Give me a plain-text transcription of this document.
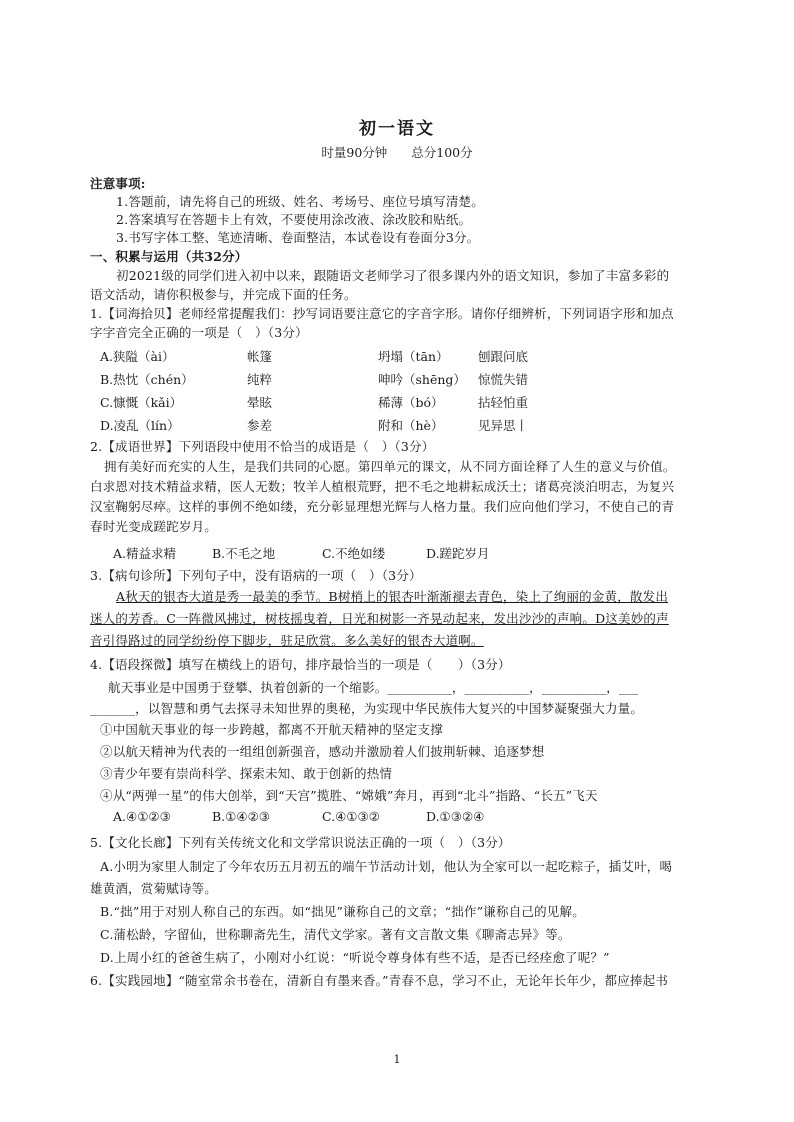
初一语文
时量90分钟 总分100分
注意事项:
1.答题前，请先将自己的班级、姓名、考场号、座位号填写清楚。
2.答案填写在答题卡上有效，不要使用涂改液、涂改胶和贴纸。
3.书写字体工整、笔迹清晰、卷面整洁，本试卷设有卷面分3分。
一、积累与运用（共32分）
初2021级的同学们进入初中以来，跟随语文老师学习了很多课内外的语文知识，参加了丰富多彩的
语文活动，请你积极参与，并完成下面的任务。
1.【词海拾贝】老师经常提醒我们：抄写词语要注意它的字音字形。请你仔细辨析，下列词语字形和加点
字字音完全正确的一项是（　）（3分）
A.狭隘（ài）	帐篷	坍塌（tān） 刨跟问底
B.热忱（chén）	纯粹	呻吟（shēng） 惊慌失错
C.慷慨（kǎi）	晕眩	稀薄（bó）	拈轻怕重
D.凌乱（lín）	参差	附和（hè）	见异思丨
2.【成语世界】下列语段中使用不恰当的成语是（　）（3分）
拥有美好而充实的人生，是我们共同的心愿。第四单元的课文，从不同方面诠释了人生的意义与价值。
白求恩对技术精益求精，医人无数；牧羊人植根荒野，把不毛之地耕耘成沃土；诸葛亮淡泊明志，为复兴
汉室鞠躬尽瘁。这样的事例不绝如缕，充分彰显理想光辉与人格力量。我们应向他们学习，不使自己的青
春时光变成蹉跎岁月。
A.精益求精	B.不毛之地	C.不绝如缕	D.蹉跎岁月
3.【病句诊所】下列句子中，没有语病的一项（　）（3分）
A秋天的银杏大道是秀一最美的季节。B树梢上的银杏叶渐渐褪去青色，染上了绚丽的金黄，散发出
迷人的芳香。C一阵微风拂过，树枝摇曳着，日光和树影一齐晃动起来，发出沙沙的声响。D这美妙的声
音引得路过的同学纷纷停下脚步，驻足欣赏。多么美好的银杏大道啊。
4.【语段探微】填写在横线上的语句，排序最恰当的一项是（　　）（3分）
航天事业是中国勇于登攀、执着创新的一个缩影。__________，__________，__________，___
_______，以智慧和勇气去探寻未知世界的奥秘，为实现中华民族伟大复兴的中国梦凝聚强大力量。
①中国航天事业的每一步跨越，都离不开航天精神的坚定支撑
②以航天精神为代表的一组组创新强音，感动并激励着人们披荆斩棘、追逐梦想
③青少年要有崇尚科学、探索未知、敢于创新的热情
④从“两弹一星”的伟大创举，到“天宫”揽胜、“嫦娥”奔月，再到“北斗”指路、“长五”飞天
A.④①②③	B.①④②③	C.④①③②	D.①③②④
5.【文化长廊】下列有关传统文化和文学常识说法正确的一项（　）（3分）
A.小明为家里人制定了今年农历五月初五的端午节活动计划，他认为全家可以一起吃粽子，插艾叶，喝
雄黄酒，赏菊赋诗等。
B.“拙”用于对别人称自己的东西。如“拙见”谦称自己的文章；“拙作”谦称自己的见解。
C.蒲松龄，字留仙，世称聊斋先生，清代文学家。著有文言散文集《聊斋志异》等。
D.上周小红的爸爸生病了，小刚对小红说：“听说令尊身体有些不适，是否已经痊愈了呢？”
6.【实践园地】“随室常余书卷在，清新自有墨来香。”青春不息，学习不止，无论年长年少，都应捧起书
1
